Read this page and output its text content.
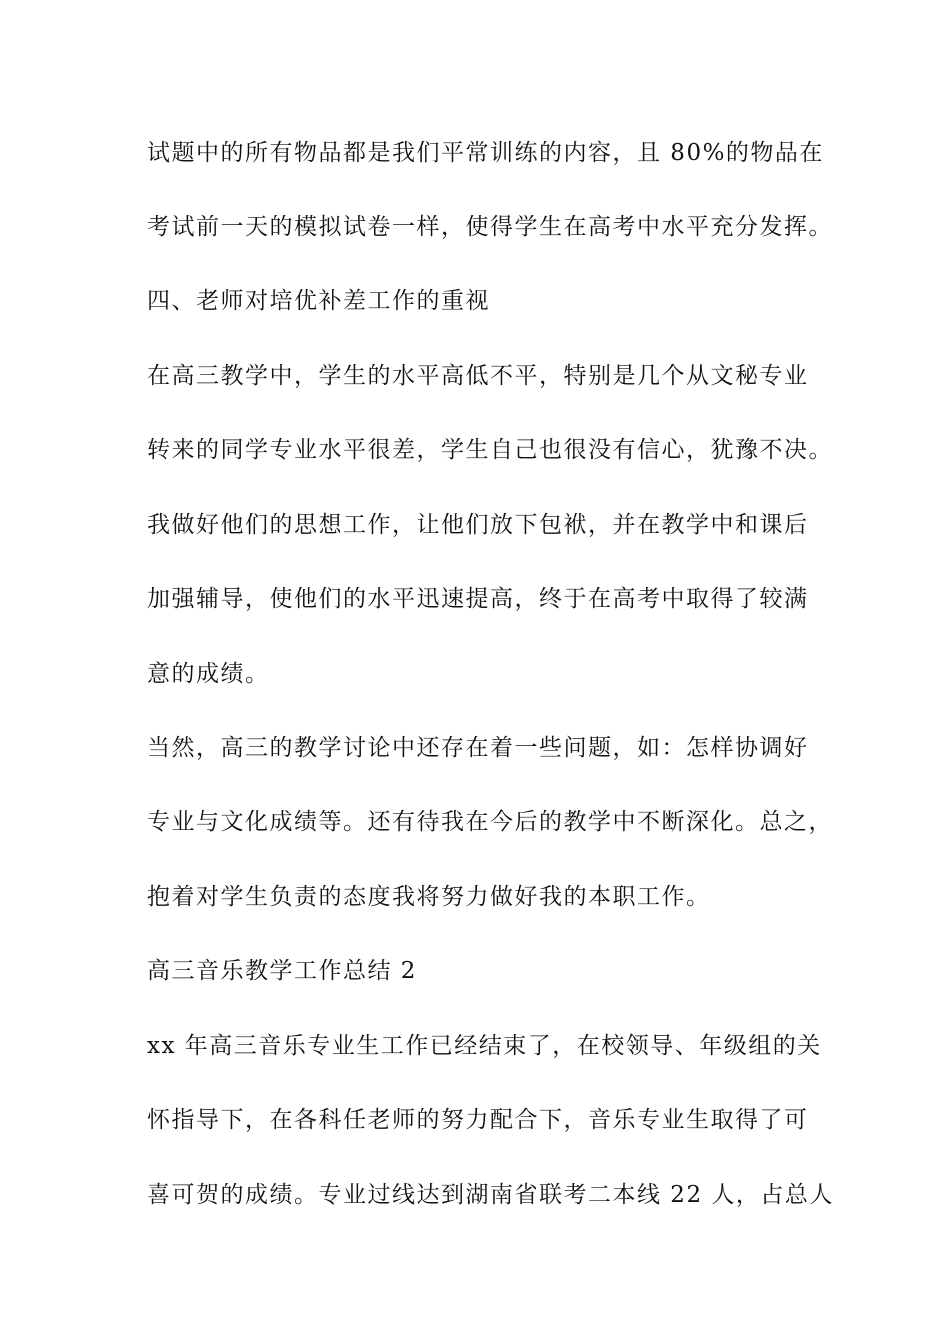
试题中的所有物品都是我们平常训练的内容，且 80%的物品在
考试前一天的模拟试卷一样，使得学生在高考中水平充分发挥。
四、老师对培优补差工作的重视
在高三教学中，学生的水平高低不平，特别是几个从文秘专业
转来的同学专业水平很差，学生自己也很没有信心，犹豫不决。
我做好他们的思想工作，让他们放下包袱，并在教学中和课后
加强辅导，使他们的水平迅速提高，终于在高考中取得了较满
意的成绩。
当然，高三的教学讨论中还存在着一些问题，如：怎样协调好
专业与文化成绩等。还有待我在今后的教学中不断深化。总之，
抱着对学生负责的态度我将努力做好我的本职工作。
高三音乐教学工作总结 2
xx 年高三音乐专业生工作已经结束了，在校领导、年级组的关
怀指导下，在各科任老师的努力配合下，音乐专业生取得了可
喜可贺的成绩。专业过线达到湖南省联考二本线 22 人，占总人
